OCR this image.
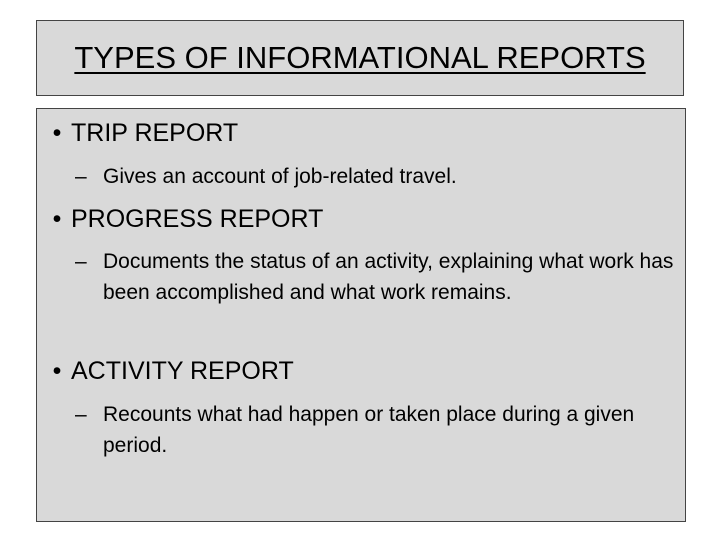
TYPES OF INFORMATIONAL REPORTS
• TRIP REPORT
– Gives an account of job-related travel.
• PROGRESS REPORT
– Documents the status of an activity, explaining what work has been accomplished and what work remains.
• ACTIVITY REPORT
– Recounts what had happen or taken place during a given period.
